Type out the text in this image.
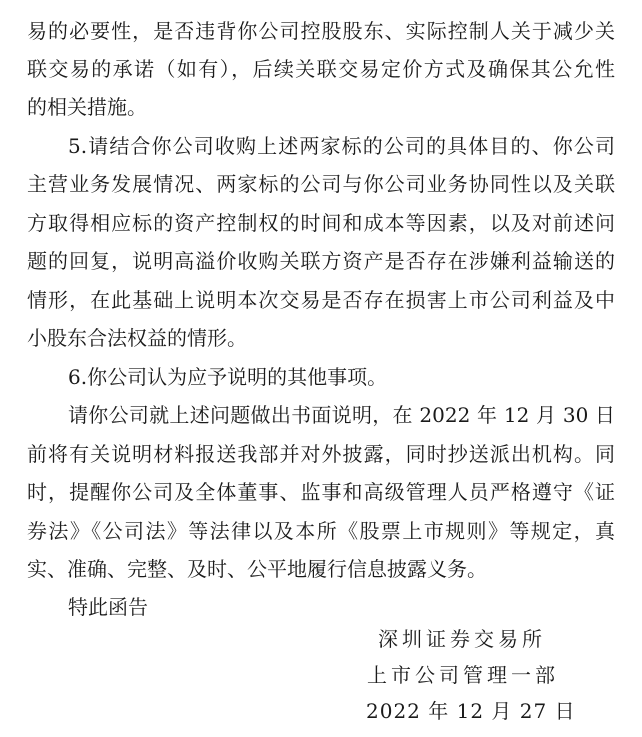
易的必要性，是否违背你公司控股股东、实际控制人关于减少关
联交易的承诺（如有），后续关联交易定价方式及确保其公允性
的相关措施。
5.请结合你公司收购上述两家标的公司的具体目的、你公司
主营业务发展情况、两家标的公司与你公司业务协同性以及关联
方取得相应标的资产控制权的时间和成本等因素，以及对前述问
题的回复，说明高溢价收购关联方资产是否存在涉嫌利益输送的
情形，在此基础上说明本次交易是否存在损害上市公司利益及中
小股东合法权益的情形。
6.你公司认为应予说明的其他事项。
请你公司就上述问题做出书面说明，在 2022 年 12 月 30 日
前将有关说明材料报送我部并对外披露，同时抄送派出机构。同
时，提醒你公司及全体董事、监事和高级管理人员严格遵守《证
券法》《公司法》等法律以及本所《股票上市规则》等规定，真
实、准确、完整、及时、公平地履行信息披露义务。
特此函告
深圳证券交易所
上市公司管理一部
2022 年 12 月 27 日
